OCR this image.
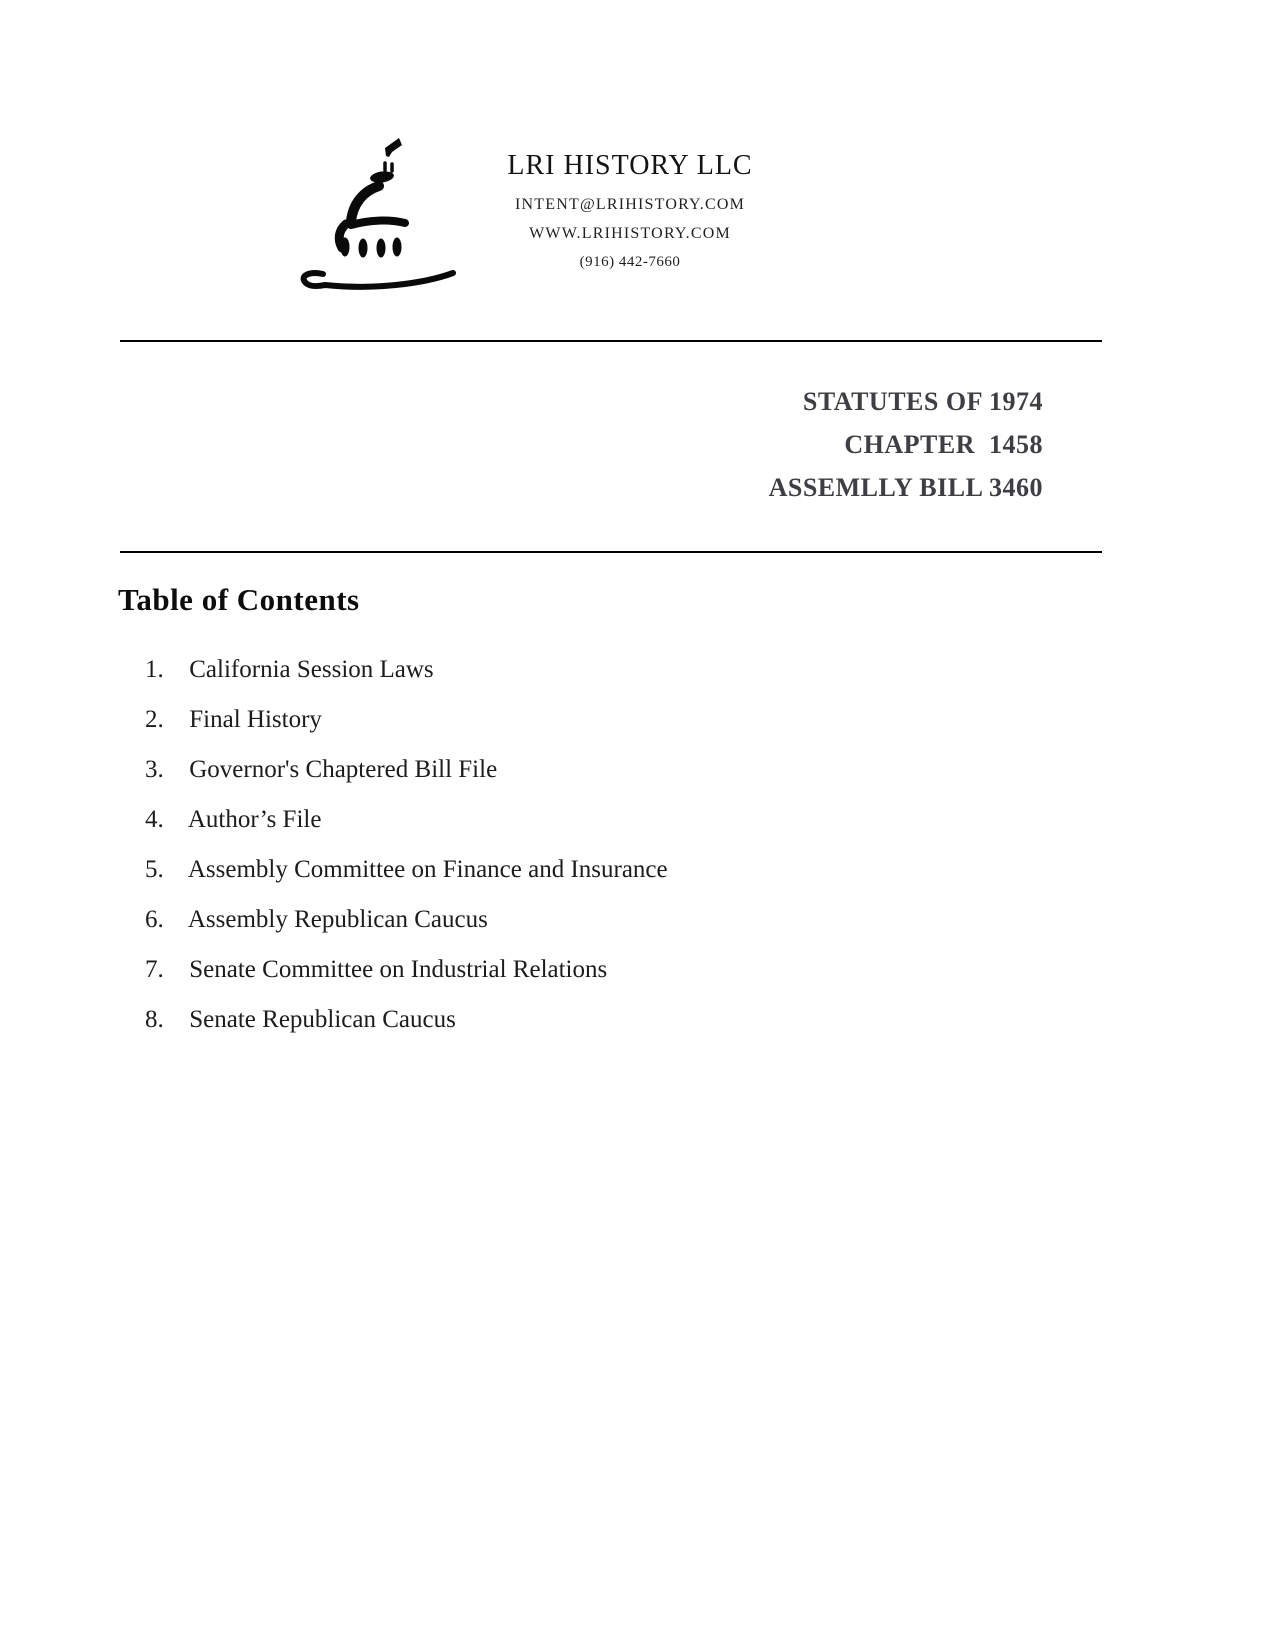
LRI HISTORY LLC
INTENT@LRIHISTORY.COM
WWW.LRIHISTORY.COM
(916) 442-7660
STATUTES OF 1974
CHAPTER  1458
ASSEMLLY BILL 3460
Table of Contents
1. California Session Laws
2. Final History
3. Governor's Chaptered Bill File
4. Author’s File
5. Assembly Committee on Finance and Insurance
6. Assembly Republican Caucus
7. Senate Committee on Industrial Relations
8. Senate Republican Caucus
